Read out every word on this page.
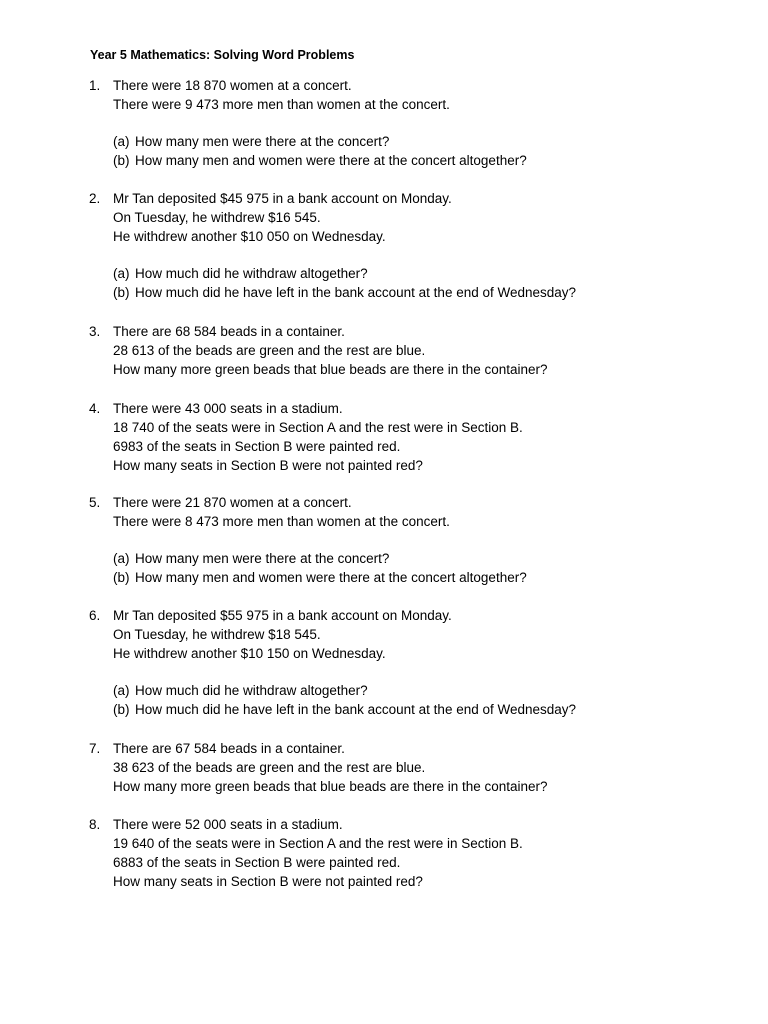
Year 5 Mathematics: Solving Word Problems
1. There were 18 870 women at a concert.
There were 9 473 more men than women at the concert.
(a) How many men were there at the concert?
(b) How many men and women were there at the concert altogether?
2. Mr Tan deposited $45 975 in a bank account on Monday.
On Tuesday, he withdrew $16 545.
He withdrew another $10 050 on Wednesday.
(a) How much did he withdraw altogether?
(b) How much did he have left in the bank account at the end of Wednesday?
3. There are 68 584 beads in a container.
28 613 of the beads are green and the rest are blue.
How many more green beads that blue beads are there in the container?
4. There were 43 000 seats in a stadium.
18 740 of the seats were in Section A and the rest were in Section B.
6983 of the seats in Section B were painted red.
How many seats in Section B were not painted red?
5. There were 21 870 women at a concert.
There were 8 473 more men than women at the concert.
(a) How many men were there at the concert?
(b) How many men and women were there at the concert altogether?
6. Mr Tan deposited $55 975 in a bank account on Monday.
On Tuesday, he withdrew $18 545.
He withdrew another $10 150 on Wednesday.
(a) How much did he withdraw altogether?
(b) How much did he have left in the bank account at the end of Wednesday?
7. There are 67 584 beads in a container.
38 623 of the beads are green and the rest are blue.
How many more green beads that blue beads are there in the container?
8. There were 52 000 seats in a stadium.
19 640 of the seats were in Section A and the rest were in Section B.
6883 of the seats in Section B were painted red.
How many seats in Section B were not painted red?
